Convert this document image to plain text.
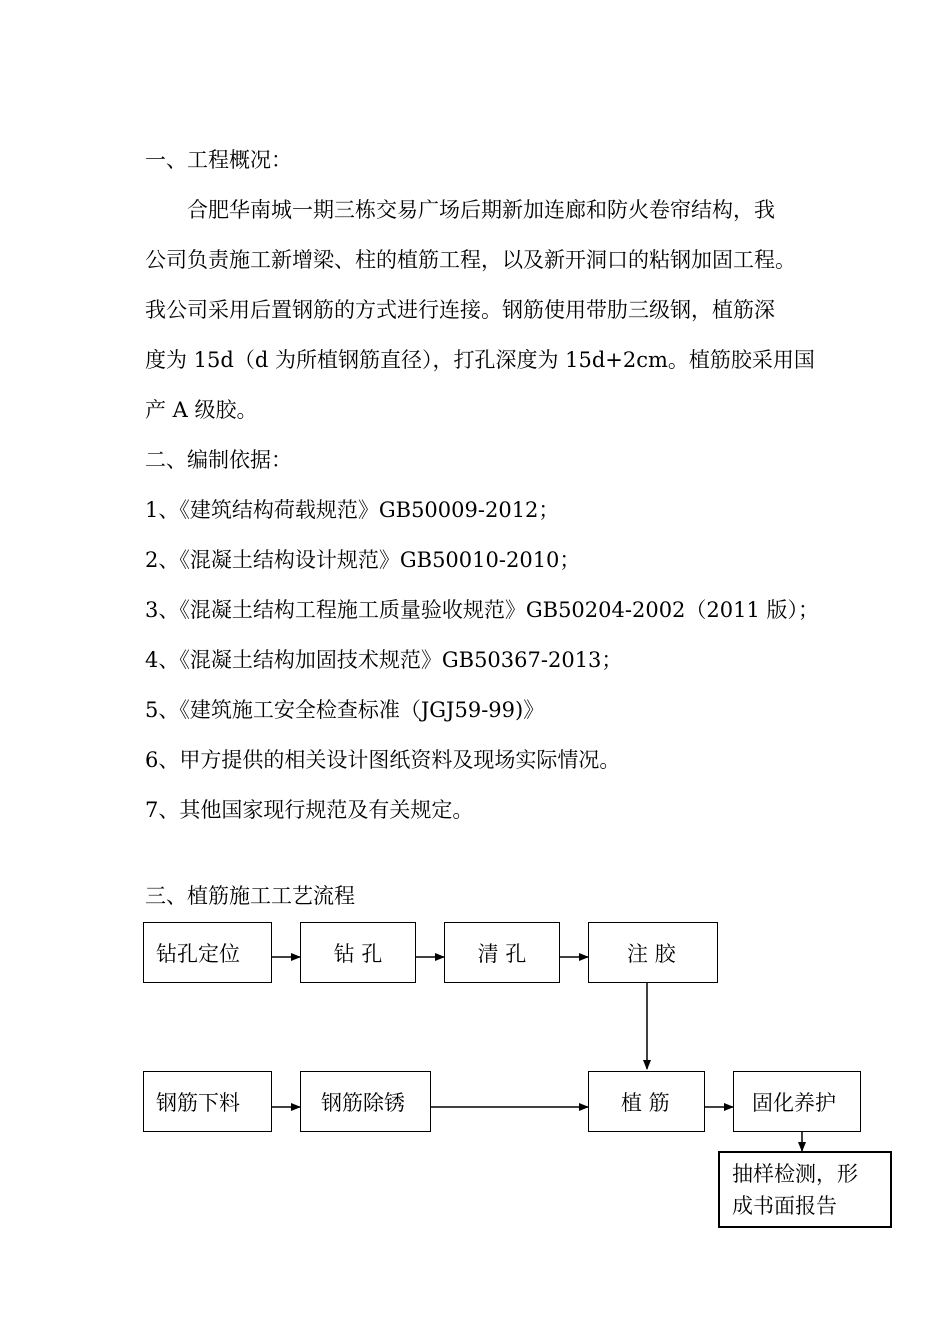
一、工程概况：
　　合肥华南城一期三栋交易广场后期新加连廊和防火卷帘结构，我
公司负责施工新增梁、柱的植筋工程，以及新开洞口的粘钢加固工程。
我公司采用后置钢筋的方式进行连接。钢筋使用带肋三级钢，植筋深
度为 15d（d 为所植钢筋直径），打孔深度为 15d+2cm。植筋胶采用国
产 A 级胶。
二、编制依据：
1、《建筑结构荷载规范》GB50009-2012；
2、《混凝土结构设计规范》GB50010-2010；
3、《混凝土结构工程施工质量验收规范》GB50204-2002（2011 版）；
4、《混凝土结构加固技术规范》GB50367-2013；
5、《建筑施工安全检查标准（JGJ59-99)》
6、甲方提供的相关设计图纸资料及现场实际情况。
7、其他国家现行规范及有关规定。
三、植筋施工工艺流程
钻孔定位	钻 孔	清 孔	注 胶
钢筋下料	钢筋除锈	植 筋	固化养护
抽样检测，形
成书面报告
